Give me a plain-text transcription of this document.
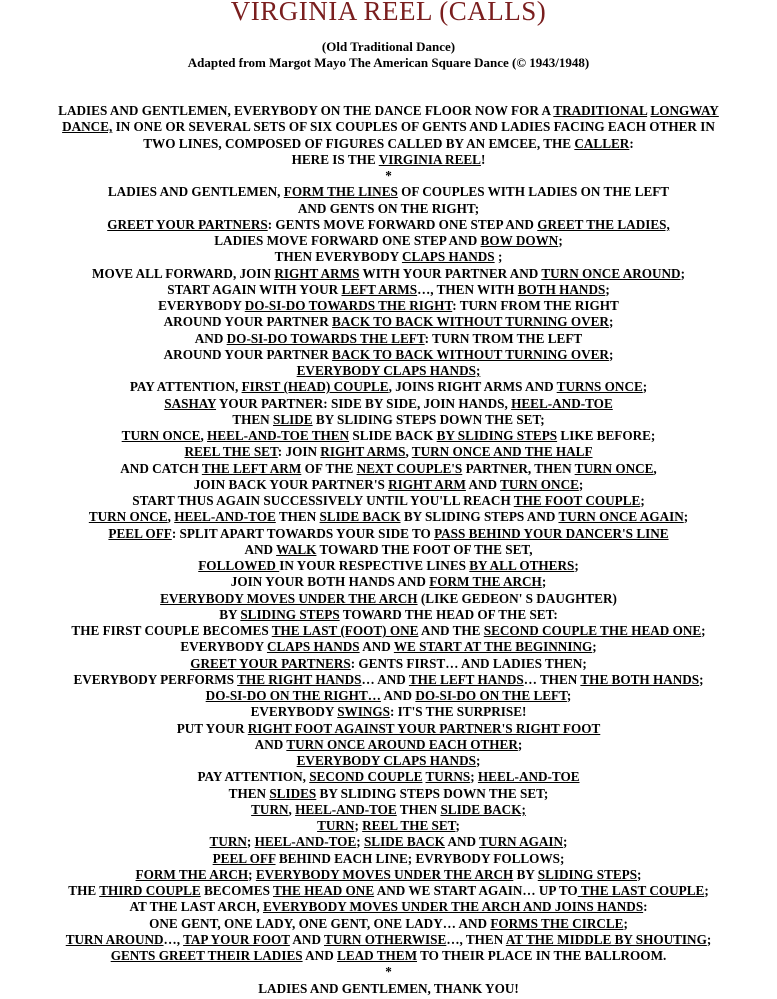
VIRGINIA REEL (CALLS)
(Old Traditional Dance)
Adapted from Margot Mayo The American Square Dance (© 1943/1948)
LADIES AND GENTLEMEN, EVERYBODY ON THE DANCE FLOOR NOW FOR A TRADITIONAL LONGWAY
DANCE, IN ONE OR SEVERAL SETS OF SIX COUPLES OF GENTS AND LADIES FACING EACH OTHER IN
TWO LINES, COMPOSED OF FIGURES CALLED BY AN EMCEE, THE CALLER:
HERE IS THE VIRGINIA REEL!
*
LADIES AND GENTLEMEN, FORM THE LINES OF COUPLES WITH LADIES ON THE LEFT
AND GENTS ON THE RIGHT;
GREET YOUR PARTNERS: GENTS MOVE FORWARD ONE STEP AND GREET THE LADIES,
LADIES MOVE FORWARD ONE STEP AND BOW DOWN;
THEN EVERYBODY CLAPS HANDS ;
MOVE ALL FORWARD, JOIN RIGHT ARMS WITH YOUR PARTNER AND TURN ONCE AROUND;
START AGAIN WITH YOUR LEFT ARMS…, THEN WITH BOTH HANDS;
EVERYBODY DO-SI-DO TOWARDS THE RIGHT: TURN FROM THE RIGHT
AROUND YOUR PARTNER BACK TO BACK WITHOUT TURNING OVER;
AND DO-SI-DO TOWARDS THE LEFT: TURN TROM THE LEFT
AROUND YOUR PARTNER BACK TO BACK WITHOUT TURNING OVER;
EVERYBODY CLAPS HANDS;
PAY ATTENTION, FIRST (HEAD) COUPLE, JOINS RIGHT ARMS AND TURNS ONCE;
SASHAY YOUR PARTNER: SIDE BY SIDE, JOIN HANDS, HEEL-AND-TOE
THEN SLIDE BY SLIDING STEPS DOWN THE SET;
TURN ONCE, HEEL-AND-TOE THEN SLIDE BACK BY SLIDING STEPS LIKE BEFORE;
REEL THE SET: JOIN RIGHT ARMS, TURN ONCE AND THE HALF
AND CATCH THE LEFT ARM OF THE NEXT COUPLE'S PARTNER, THEN TURN ONCE,
JOIN BACK YOUR PARTNER'S RIGHT ARM AND TURN ONCE;
START THUS AGAIN SUCCESSIVELY UNTIL YOU'LL REACH THE FOOT COUPLE;
TURN ONCE, HEEL-AND-TOE THEN SLIDE BACK BY SLIDING STEPS AND TURN ONCE AGAIN;
PEEL OFF: SPLIT APART TOWARDS YOUR SIDE TO PASS BEHIND YOUR DANCER'S LINE
AND WALK TOWARD THE FOOT OF THE SET,
FOLLOWED IN YOUR RESPECTIVE LINES BY ALL OTHERS;
JOIN YOUR BOTH HANDS AND FORM THE ARCH;
EVERYBODY MOVES UNDER THE ARCH (LIKE GEDEON' S DAUGHTER)
BY SLIDING STEPS TOWARD THE HEAD OF THE SET:
THE FIRST COUPLE BECOMES THE LAST (FOOT) ONE AND THE SECOND COUPLE THE HEAD ONE;
EVERYBODY CLAPS HANDS AND WE START AT THE BEGINNING;
GREET YOUR PARTNERS: GENTS FIRST… AND LADIES THEN;
EVERYBODY PERFORMS THE RIGHT HANDS… AND THE LEFT HANDS… THEN THE BOTH HANDS;
DO-SI-DO ON THE RIGHT… AND DO-SI-DO ON THE LEFT;
EVERYBODY SWINGS: IT'S THE SURPRISE!
PUT YOUR RIGHT FOOT AGAINST YOUR PARTNER'S RIGHT FOOT
AND TURN ONCE AROUND EACH OTHER;
EVERYBODY CLAPS HANDS;
PAY ATTENTION, SECOND COUPLE TURNS; HEEL-AND-TOE
THEN SLIDES BY SLIDING STEPS DOWN THE SET;
TURN, HEEL-AND-TOE THEN SLIDE BACK;
TURN; REEL THE SET;
TURN; HEEL-AND-TOE; SLIDE BACK AND TURN AGAIN;
PEEL OFF BEHIND EACH LINE; EVRYBODY FOLLOWS;
FORM THE ARCH; EVERYBODY MOVES UNDER THE ARCH BY SLIDING STEPS;
THE THIRD COUPLE BECOMES THE HEAD ONE AND WE START AGAIN… UP TO THE LAST COUPLE;
AT THE LAST ARCH, EVERYBODY MOVES UNDER THE ARCH AND JOINS HANDS:
ONE GENT, ONE LADY, ONE GENT, ONE LADY… AND FORMS THE CIRCLE;
TURN AROUND…, TAP YOUR FOOT AND TURN OTHERWISE…, THEN AT THE MIDDLE BY SHOUTING;
GENTS GREET THEIR LADIES AND LEAD THEM TO THEIR PLACE IN THE BALLROOM.
*
LADIES AND GENTLEMEN, THANK YOU!
